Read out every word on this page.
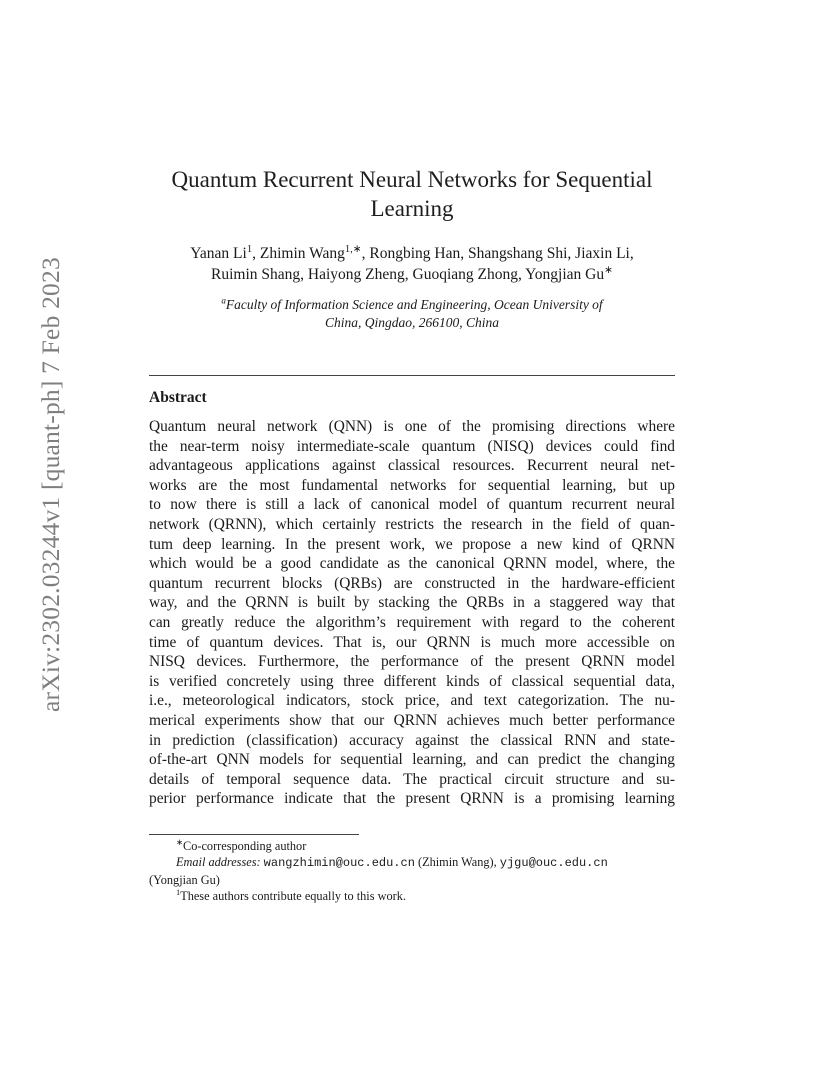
arXiv:2302.03244v1 [quant-ph] 7 Feb 2023
Quantum Recurrent Neural Networks for Sequential
Learning
Yanan Li$^1$, Zhimin Wang$^{1,∗}$, Rongbing Han, Shangshang Shi, Jiaxin Li,
Ruimin Shang, Haiyong Zheng, Guoqiang Zhong, Yongjian Gu∗
$^a$Faculty of Information Science and Engineering, Ocean University of
China, Qingdao, 266100, China
Abstract
Quantum neural network (QNN) is one of the promising directions where
the near-term noisy intermediate-scale quantum (NISQ) devices could find
advantageous applications against classical resources. Recurrent neural net-
works are the most fundamental networks for sequential learning, but up
to now there is still a lack of canonical model of quantum recurrent neural
network (QRNN), which certainly restricts the research in the field of quan-
tum deep learning. In the present work, we propose a new kind of QRNN
which would be a good candidate as the canonical QRNN model, where, the
quantum recurrent blocks (QRBs) are constructed in the hardware-efficient
way, and the QRNN is built by stacking the QRBs in a staggered way that
can greatly reduce the algorithm’s requirement with regard to the coherent
time of quantum devices. That is, our QRNN is much more accessible on
NISQ devices. Furthermore, the performance of the present QRNN model
is verified concretely using three different kinds of classical sequential data,
i.e., meteorological indicators, stock price, and text categorization. The nu-
merical experiments show that our QRNN achieves much better performance
in prediction (classification) accuracy against the classical RNN and state-
of-the-art QNN models for sequential learning, and can predict the changing
details of temporal sequence data. The practical circuit structure and su-
perior performance indicate that the present QRNN is a promising learning
∗Co-corresponding author
Email addresses: wangzhimin@ouc.edu.cn (Zhimin Wang), yjgu@ouc.edu.cn
(Yongjian Gu)
$^1$These authors contribute equally to this work.
